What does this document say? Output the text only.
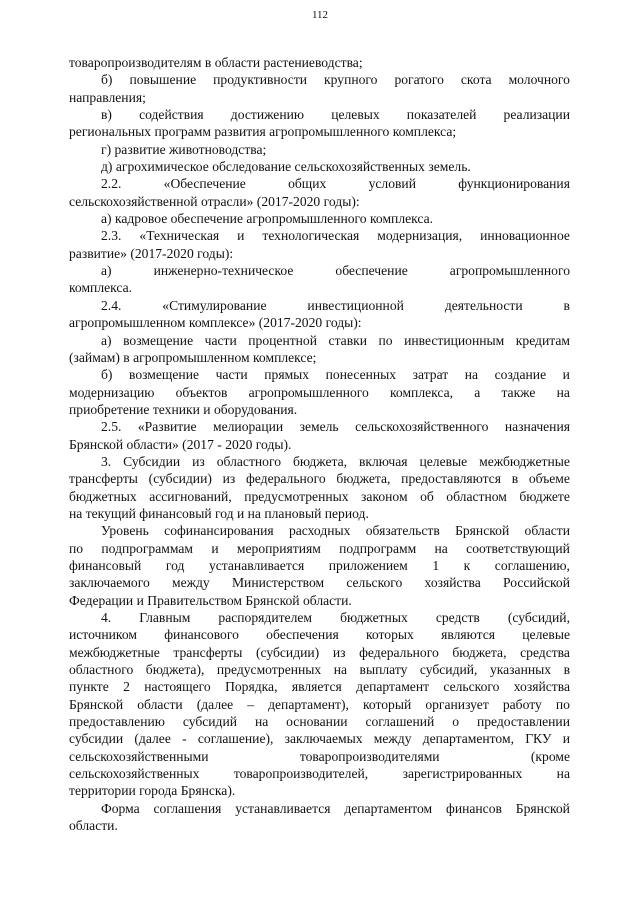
112
товаропроизводителям в области растениеводства;
б) повышение продуктивности крупного рогатого скота молочного
направления;
в) содействия достижению целевых показателей реализации
региональных программ развития агропромышленного комплекса;
г) развитие животноводства;
д) агрохимическое обследование сельскохозяйственных земель.
2.2.	«Обеспечение	общих	условий	функционирования
сельскохозяйственной отрасли» (2017-2020 годы):
а) кадровое обеспечение агропромышленного комплекса.
2.3. «Техническая и технологическая модернизация, инновационное
развитие» (2017-2020 годы):
а)	инженерно-техническое	обеспечение	агропромышленного
комплекса.
2.4.	«Стимулирование	инвестиционной	деятельности	в
агропромышленном комплексе» (2017-2020 годы):
а) возмещение части процентной ставки по инвестиционным кредитам
(займам) в агропромышленном комплексе;
б) возмещение части прямых понесенных затрат на создание и
модернизацию объектов агропромышленного комплекса, а также на
приобретение техники и оборудования.
2.5. «Развитие мелиорации земель сельскохозяйственного назначения
Брянской области» (2017 - 2020 годы).
3. Субсидии из областного бюджета, включая целевые межбюджетные
трансферты (субсидии) из федерального бюджета, предоставляются в объеме
бюджетных ассигнований, предусмотренных законом об областном бюджете
на текущий финансовый год и на плановый период.
Уровень софинансирования расходных обязательств Брянской области
по подпрограммам и мероприятиям подпрограмм на соответствующий
финансовый год устанавливается приложением 1 к соглашению,
заключаемого между Министерством сельского хозяйства Российской
Федерации и Правительством Брянской области.
4. Главным распорядителем бюджетных средств (субсидий,
источником финансового обеспечения которых являются целевые
межбюджетные трансферты (субсидии) из федерального бюджета, средства
областного бюджета), предусмотренных на выплату субсидий, указанных в
пункте 2 настоящего Порядка, является департамент сельского хозяйства
Брянской области (далее – департамент), который организует работу по
предоставлению субсидий на основании соглашений о предоставлении
субсидии (далее - соглашение), заключаемых между департаментом, ГКУ и
сельскохозяйственными	товаропроизводителями	(кроме
сельскохозяйственных	товаропроизводителей,	зарегистрированных	на
территории города Брянска).
Форма соглашения устанавливается департаментом финансов Брянской
области.
